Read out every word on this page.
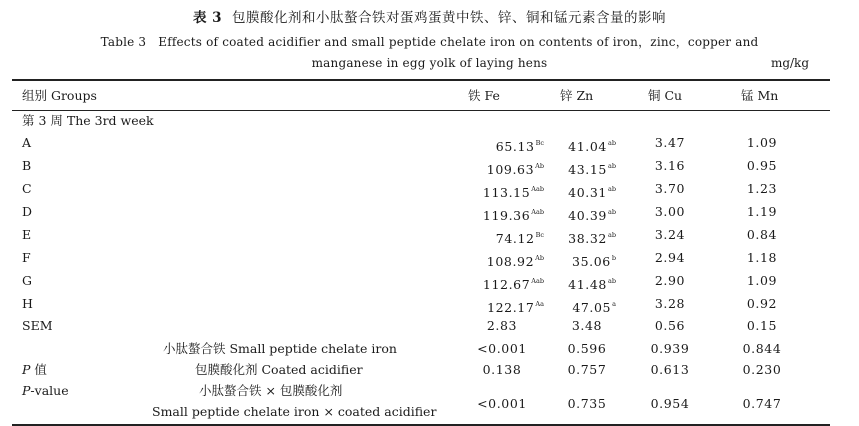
表 3 包膜酸化剂和小肽螯合铁对蛋鸡蛋黄中铁、锌、铜和锰元素含量的影响
Table 3 Effects of coated acidifier and small peptide chelate iron on contents of iron，zinc，copper and
manganese in egg yolk of laying hens	mg/kg
组别 Groups	铁 Fe	锌 Zn	铜 Cu	锰 Mn
第 3 周 The 3rd week
A	$65.13^{Bc}$	41.04$^{ab}$	3.47	1.09
B	$109.63^{Ab}$	43.15$^{ab}$	3.16	0.95
C	$113.15^{Aab}$	40.31$^{ab}$	3.70	1.23
D	$119.36^{Aab}$	40.39$^{ab}$	3.00	1.19
E	$74.12^{Bc}$	38.32$^{ab}$	3.24	0.84
F	$108.92^{Ab}$	35.06$^b$	2.94	1.18
G	$112.67^{Aab}$	41.48$^{ab}$	2.90	1.09
H	$122.17^{Aa}$	47.05$^a$	3.28	0.92
SEM	2.83	3.48	0.56	0.15
P 值
P-value
小肽螯合铁 Small peptide chelate iron	<0.001	0.596	0.939	0.844
包膜酸化剂 Coated acidifier	0.138	0.757	0.613	0.230
小肽螯合铁 × 包膜酸化剂
Small peptide chelate iron × coated acidifier
<0.001	0.735	0.954	0.747
